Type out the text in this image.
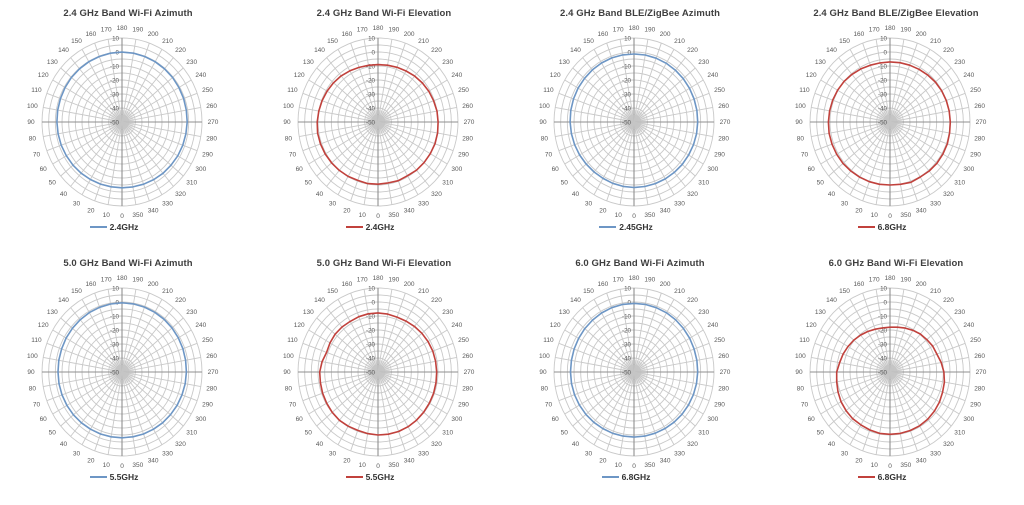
2.4 GHz Band Wi-Fi Azimuth
0
10
20
30
40
50
60
70
80
90
100
110
120
130
140
150
160
170 180 190
200
210
220
230
240
250
260
270
280
290
300
310
320
330
340
350
10
0
-10
-20
-30
-40
-50
2.4GHz
2.4 GHz Band Wi-Fi Elevation
0
10
20
30
40
50
60
70
80
90
100
110
120
130
140
150
160
170 180 190
200
210
220
230
240
250
260
270
280
290
300
310
320
330
340
350
10
0
-10
-20
-30
-40
-50
2.4GHz
2.4 GHz Band BLE/ZigBee Azimuth
0
10
20
30
40
50
60
70
80
90
100
110
120
130
140
150
160
170 180 190
200
210
220
230
240
250
260
270
280
290
300
310
320
330
340
350
10
0
-10
-20
-30
-40
-50
2.45GHz
2.4 GHz Band BLE/ZigBee Elevation
0
10
20
30
40
50
60
70
80
90
100
110
120
130
140
150
160
170 180 190
200
210
220
230
240
250
260
270
280
290
300
310
320
330
340
350
10
0
-10
-20
-30
-40
-50
6.8GHz
5.0 GHz Band Wi-Fi Azimuth
0
10
20
30
40
50
60
70
80
90
100
110
120
130
140
150
160
170 180 190
200
210
220
230
240
250
260
270
280
290
300
310
320
330
340
350
10
0
-10
-20
-30
-40
-50
5.5GHz
5.0 GHz Band Wi-Fi Elevation
0
10
20
30
40
50
60
70
80
90
100
110
120
130
140
150
160
170 180 190
200
210
220
230
240
250
260
270
280
290
300
310
320
330
340
350
10
0
-10
-20
-30
-40
-50
5.5GHz
6.0 GHz Band Wi-Fi Azimuth
0
10
20
30
40
50
60
70
80
90
100
110
120
130
140
150
160
170 180 190
200
210
220
230
240
250
260
270
280
290
300
310
320
330
340
350
10
0
-10
-20
-30
-40
-50
6.8GHz
6.0 GHz Band Wi-Fi Elevation
0
10
20
30
40
50
60
70
80
90
100
110
120
130
140
150
160
170 180 190
200
210
220
230
240
250
260
270
280
290
300
310
320
330
340
350
10
0
-10
-20
-30
-40
-50
6.8GHz
